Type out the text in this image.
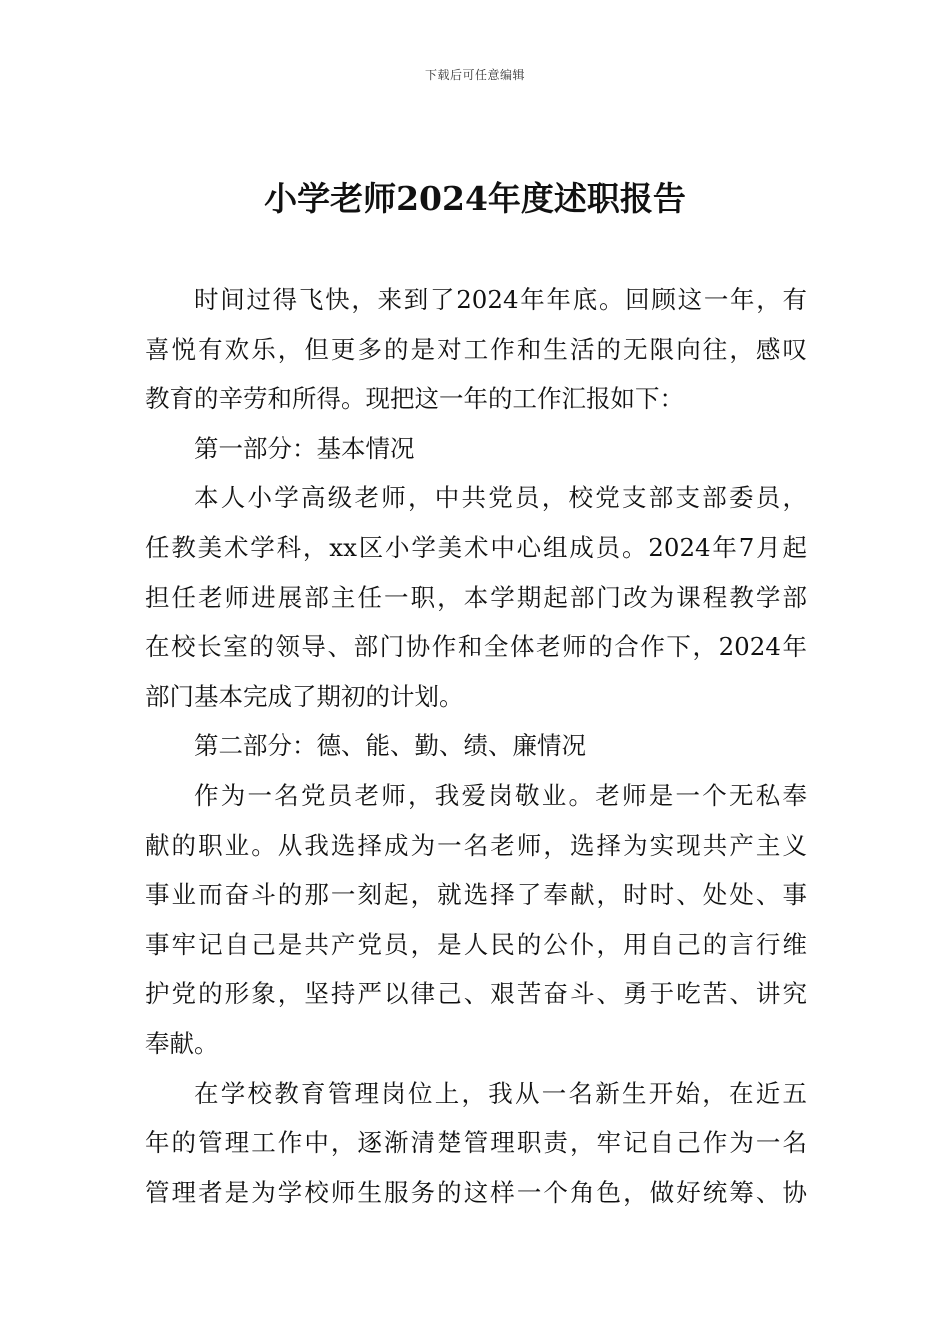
下载后可任意编辑
小学老师2024年度述职报告
时间过得飞快，来到了2024年年底。回顾这一年，有
喜悦有欢乐，但更多的是对工作和生活的无限向往，感叹
教育的辛劳和所得。现把这一年的工作汇报如下：
第一部分：基本情况
本人小学高级老师，中共党员，校党支部支部委员，
任教美术学科，xx区小学美术中心组成员。2024年7月起
担任老师进展部主任一职，本学期起部门改为课程教学部
在校长室的领导、部门协作和全体老师的合作下，2024年
部门基本完成了期初的计划。
第二部分：德、能、勤、绩、廉情况
作为一名党员老师，我爱岗敬业。老师是一个无私奉
献的职业。从我选择成为一名老师，选择为实现共产主义
事业而奋斗的那一刻起，就选择了奉献，时时、处处、事
事牢记自己是共产党员，是人民的公仆，用自己的言行维
护党的形象，坚持严以律己、艰苦奋斗、勇于吃苦、讲究
奉献。
在学校教育管理岗位上，我从一名新生开始，在近五
年的管理工作中，逐渐清楚管理职责，牢记自己作为一名
管理者是为学校师生服务的这样一个角色，做好统筹、协
